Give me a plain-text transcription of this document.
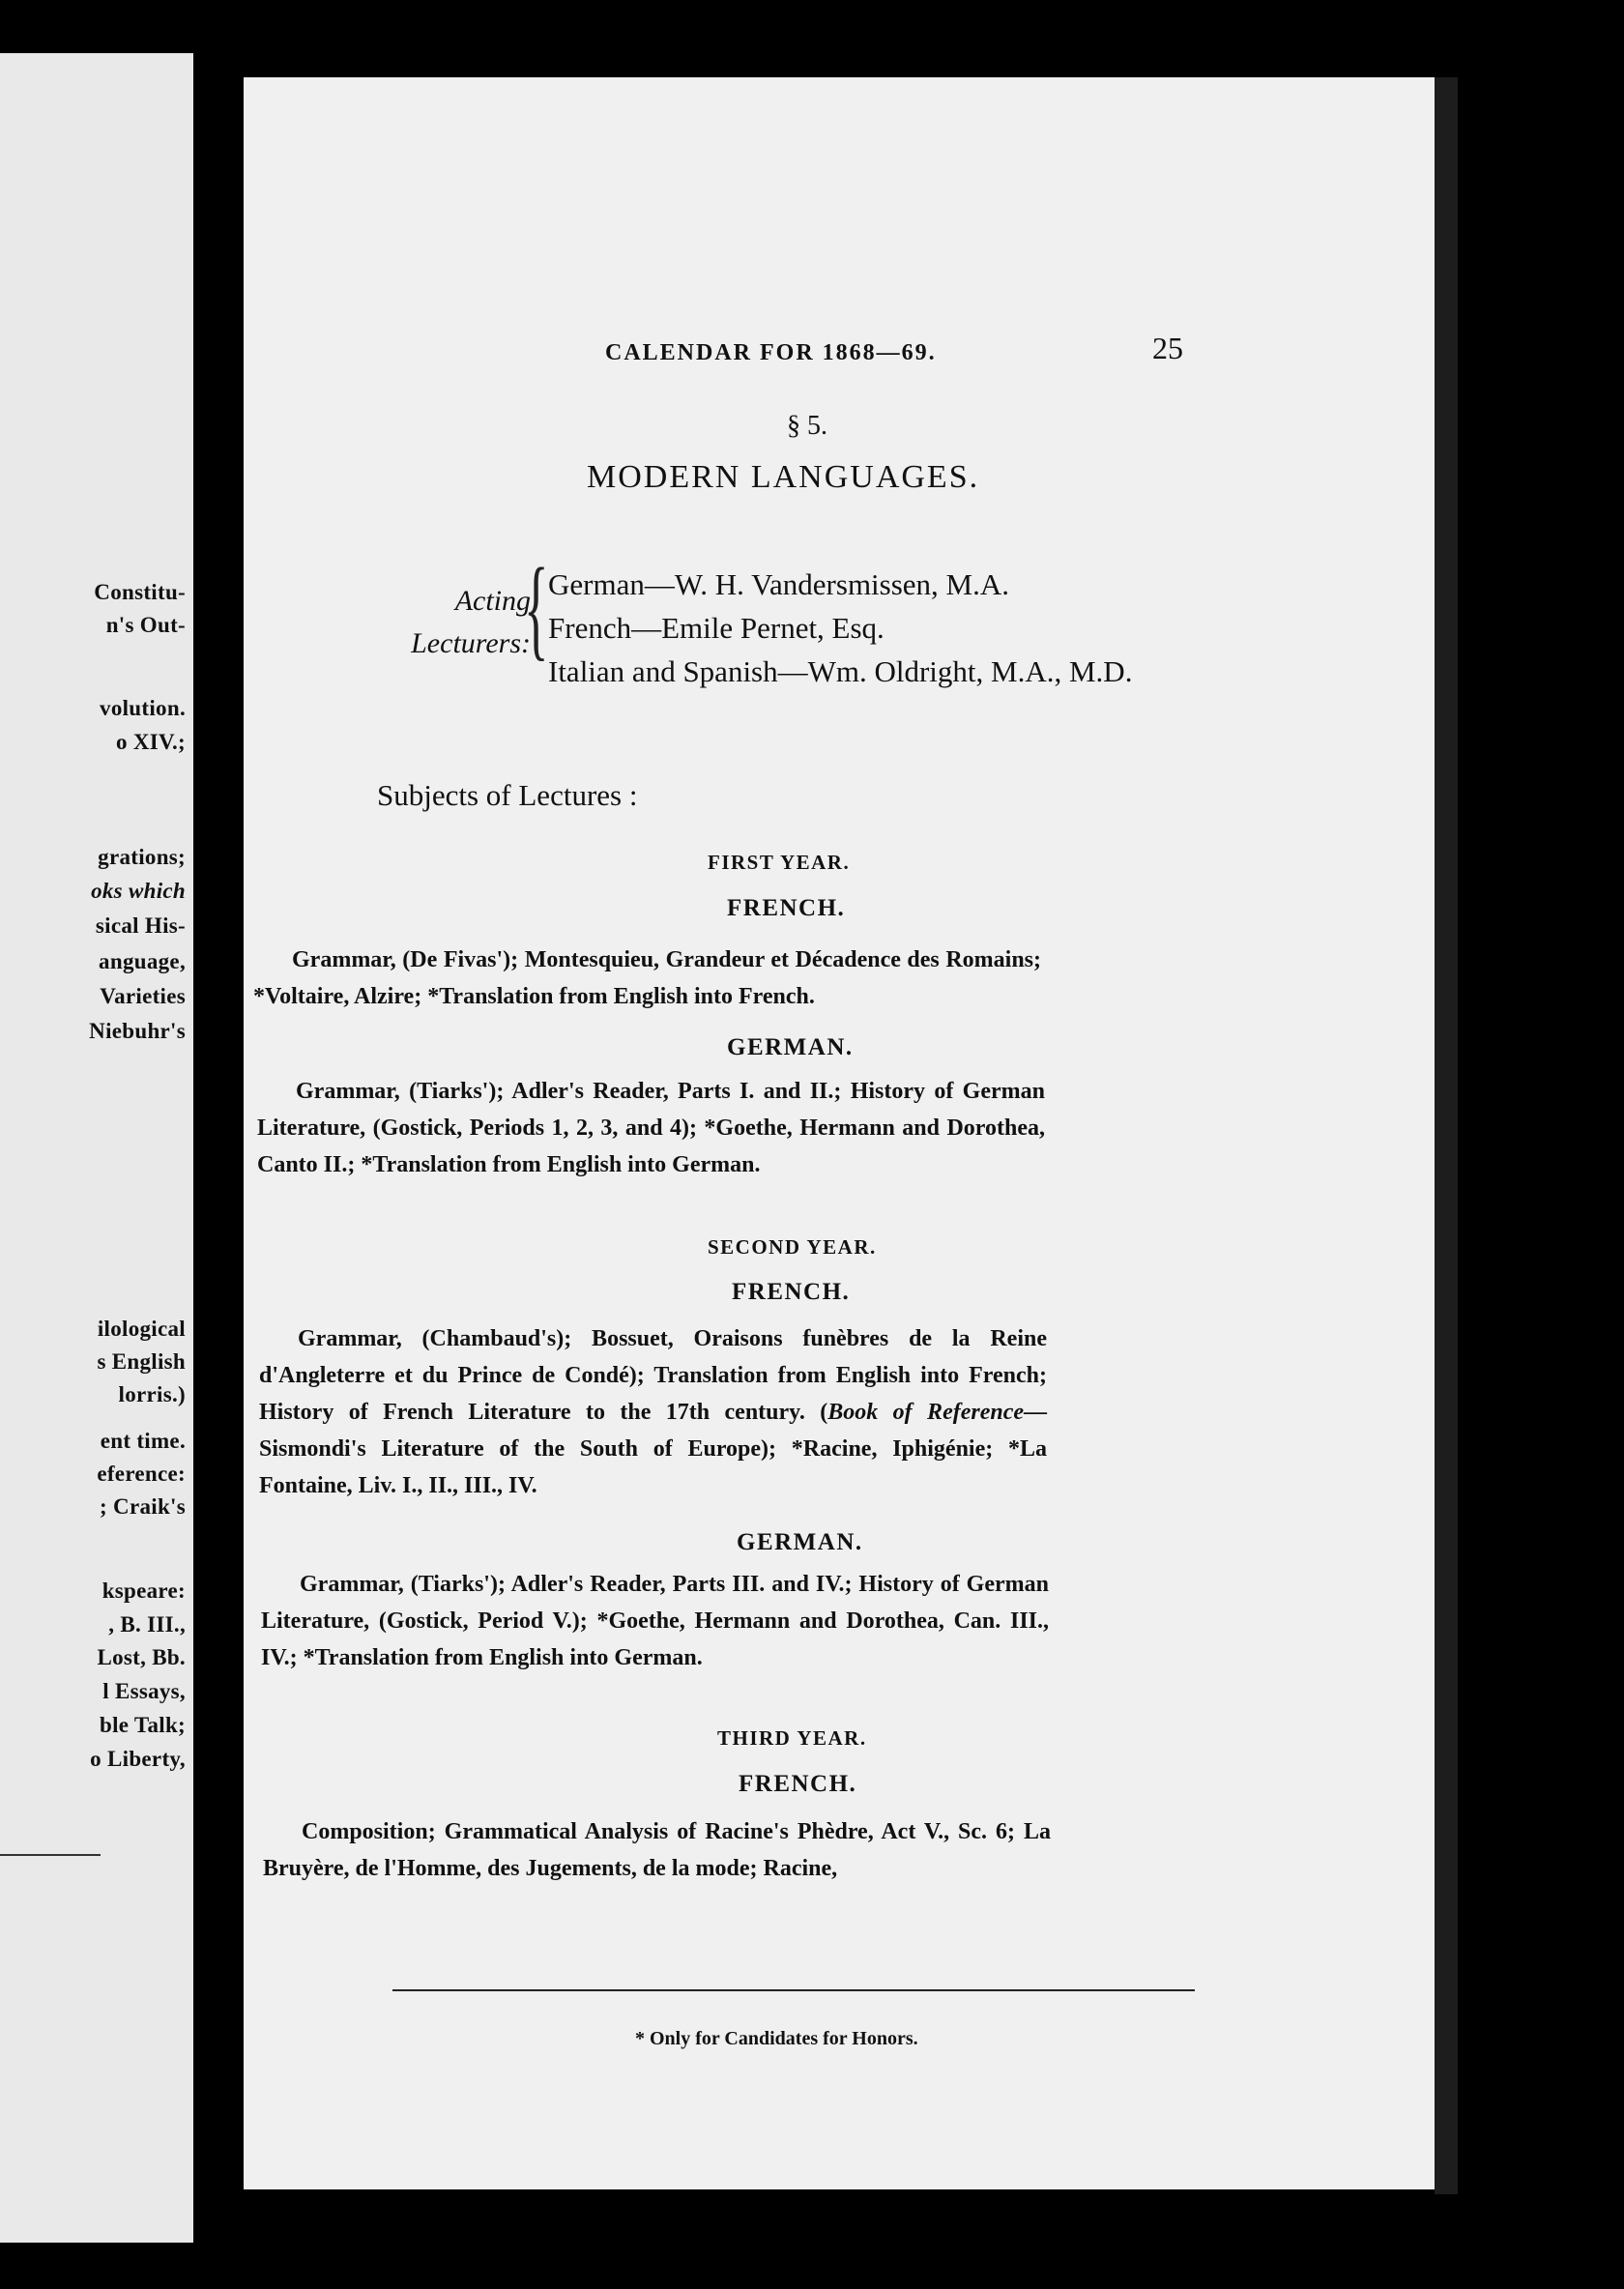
Constitu-
n's Out-
volution.
o XIV.;
grations;
oks which
sical His-
anguage,
Varieties
Niebuhr's
ilological
s English
lorris.)
ent time.
eference:
; Craik's
kspeare:
, B. III.,
Lost, Bb.
l Essays,
ble Talk;
o Liberty,
CALENDAR FOR 1868—69.	25
§ 5.
MODERN LANGUAGES.
Acting
Lecturers:
{ German—W. H. Vandersmissen, M.A.
French—Emile Pernet, Esq.
Italian and Spanish—Wm. Oldright, M.A., M.D.
Subjects of Lectures :
FIRST YEAR.
FRENCH.
Grammar, (De Fivas'); Montesquieu, Grandeur et Décadence des Romains; *Voltaire, Alzire; *Translation from English into French.
GERMAN.
Grammar, (Tiarks'); Adler's Reader, Parts I. and II.; History of German Literature, (Gostick, Periods 1, 2, 3, and 4); *Goethe, Hermann and Dorothea, Canto II.; *Translation from English into German.
SECOND YEAR.
FRENCH.
Grammar, (Chambaud's); Bossuet, Oraisons funèbres de la Reine d'Angleterre et du Prince de Condé); Translation from English into French; History of French Literature to the 17th century. (Book of Reference—Sismondi's Literature of the South of Europe); *Racine, Iphigénie; *La Fontaine, Liv. I., II., III., IV.
GERMAN.
Grammar, (Tiarks'); Adler's Reader, Parts III. and IV.; History of German Literature, (Gostick, Period V.); *Goethe, Hermann and Dorothea, Can. III., IV.; *Translation from English into German.
THIRD YEAR.
FRENCH.
Composition; Grammatical Analysis of Racine's Phèdre, Act V., Sc. 6; La Bruyère, de l'Homme, des Jugements, de la mode; Racine,
* Only for Candidates for Honors.
